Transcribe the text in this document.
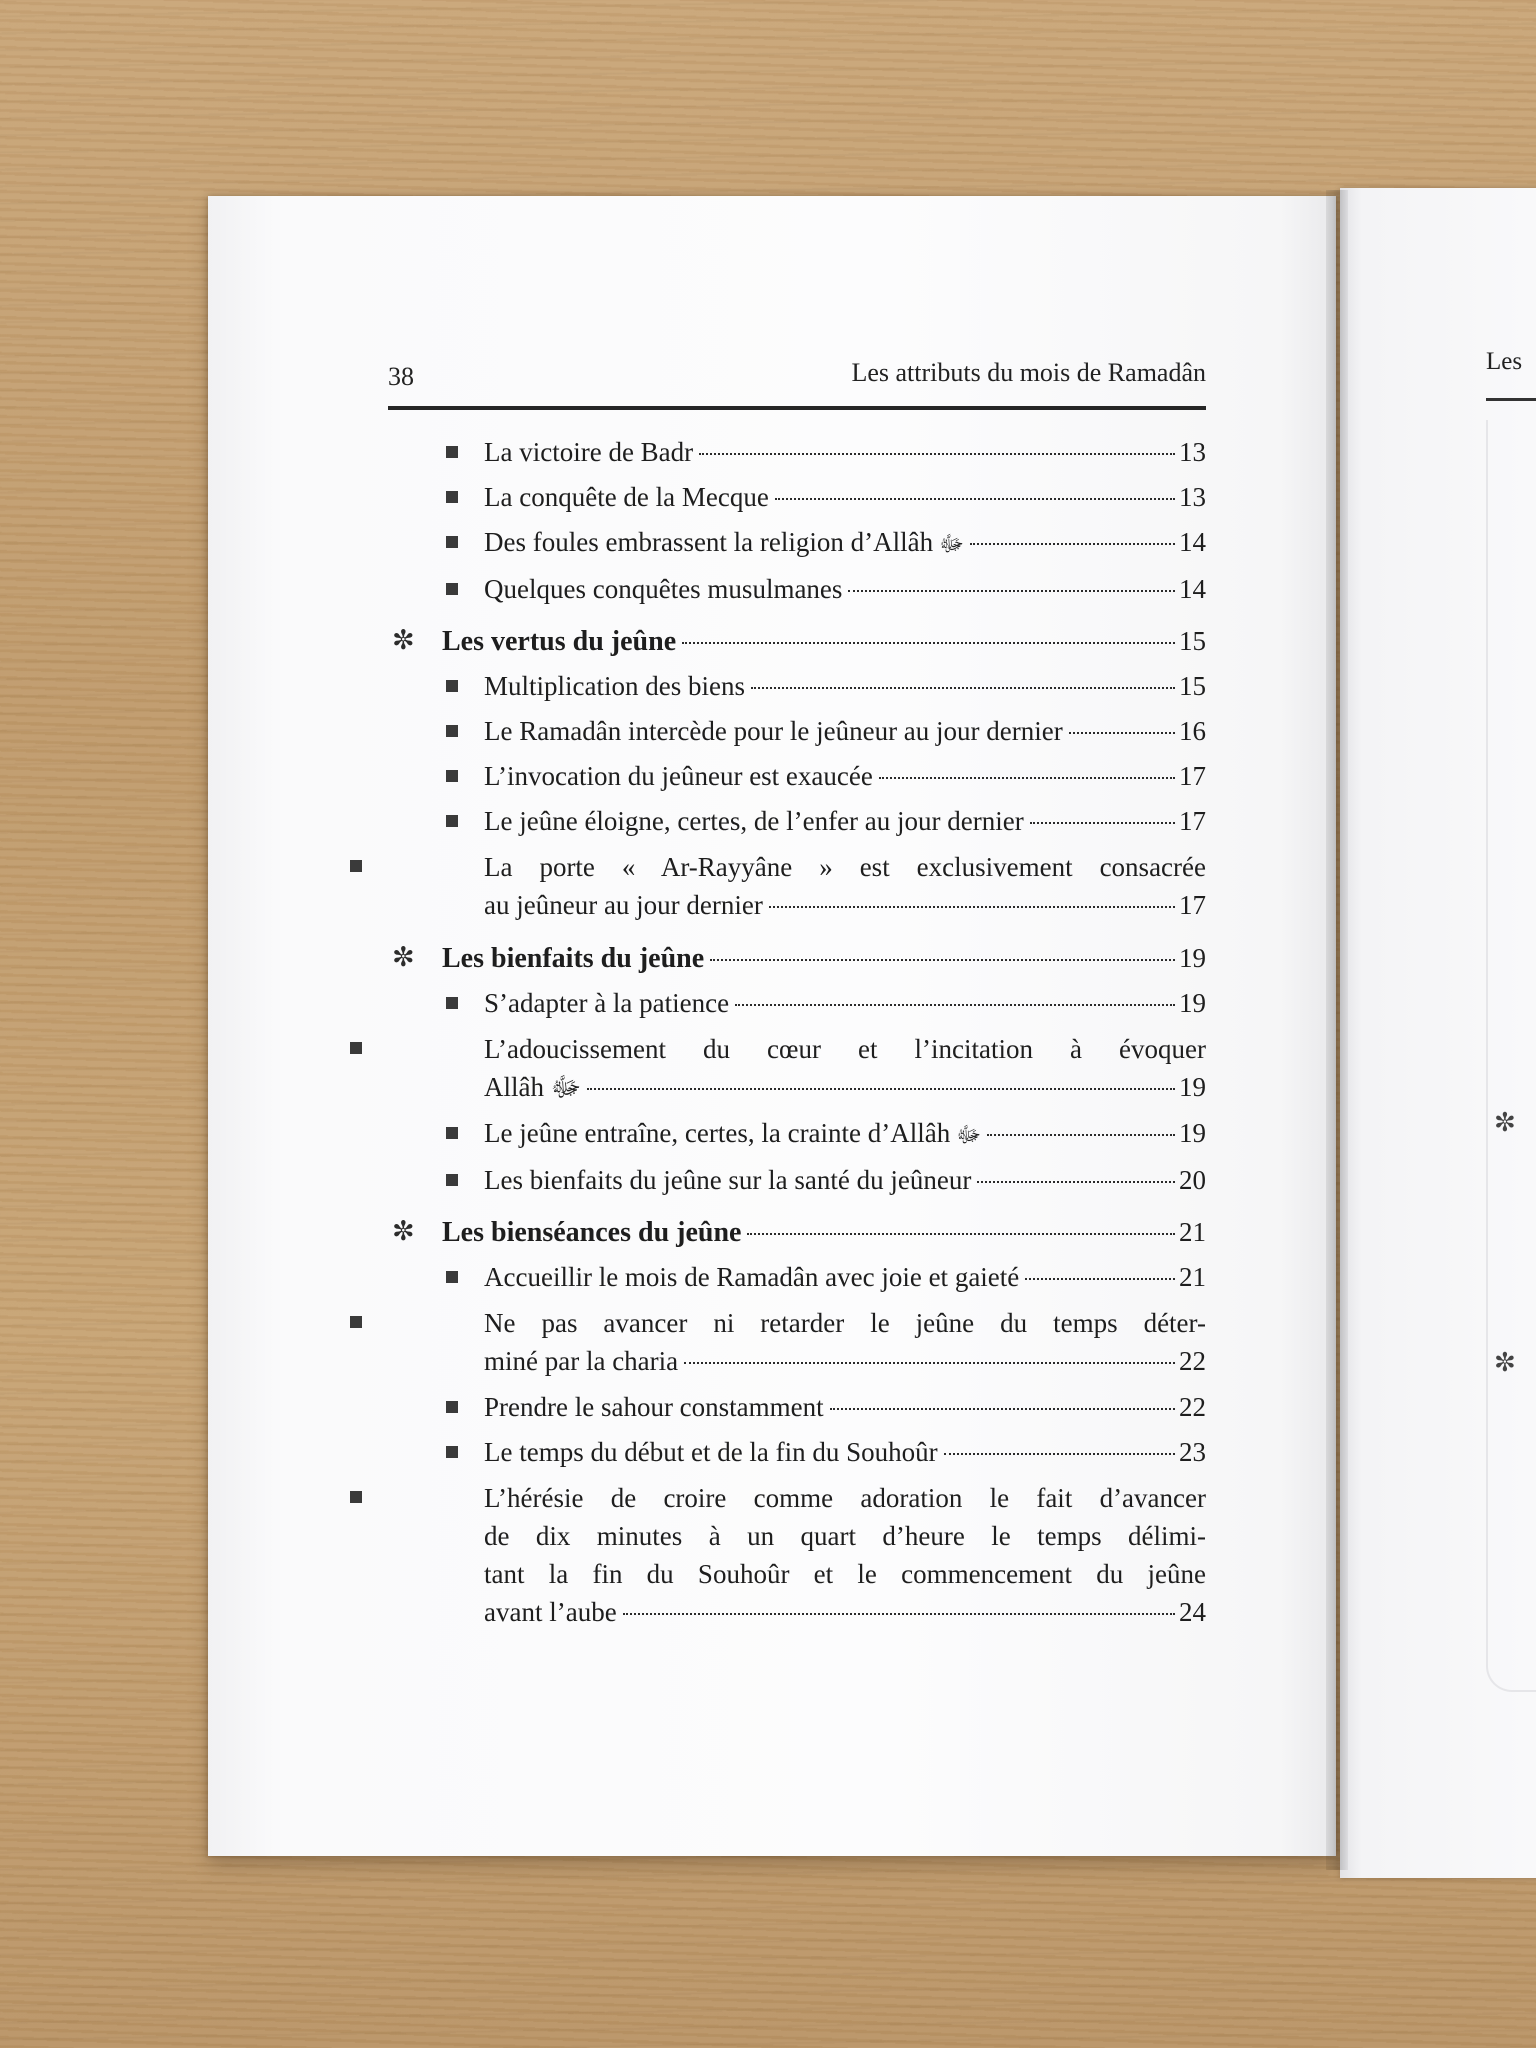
Les
✼
✼
38	Les attributs du mois de Ramadân
La victoire de Badr	13
La conquête de la Mecque	13
Des foules embrassent la religion d’Allâh ﷻ	14
Quelques conquêtes musulmanes	14
✼ Les vertus du jeûne	15
Multiplication des biens	15
Le Ramadân intercède pour le jeûneur au jour dernier	16
L’invocation du jeûneur est exaucée	17
Le jeûne éloigne, certes, de l’enfer au jour dernier	17
La porte « Ar-Rayyâne » est exclusivement consacrée
au jeûneur au jour dernier	17
✼ Les bienfaits du jeûne	19
S’adapter à la patience	19
L’adoucissement du cœur et l’incitation à évoquer
Allâh ﷻ	19
Le jeûne entraîne, certes, la crainte d’Allâh ﷻ	19
Les bienfaits du jeûne sur la santé du jeûneur	20
✼ Les bienséances du jeûne	21
Accueillir le mois de Ramadân avec joie et gaieté	21
Ne pas avancer ni retarder le jeûne du temps déter-
miné par la charia	22
Prendre le sahour constamment	22
Le temps du début et de la fin du Souhoûr	23
L’hérésie de croire comme adoration le fait d’avancer
de dix minutes à un quart d’heure le temps délimi-
tant la fin du Souhoûr et le commencement du jeûne
avant l’aube	24
